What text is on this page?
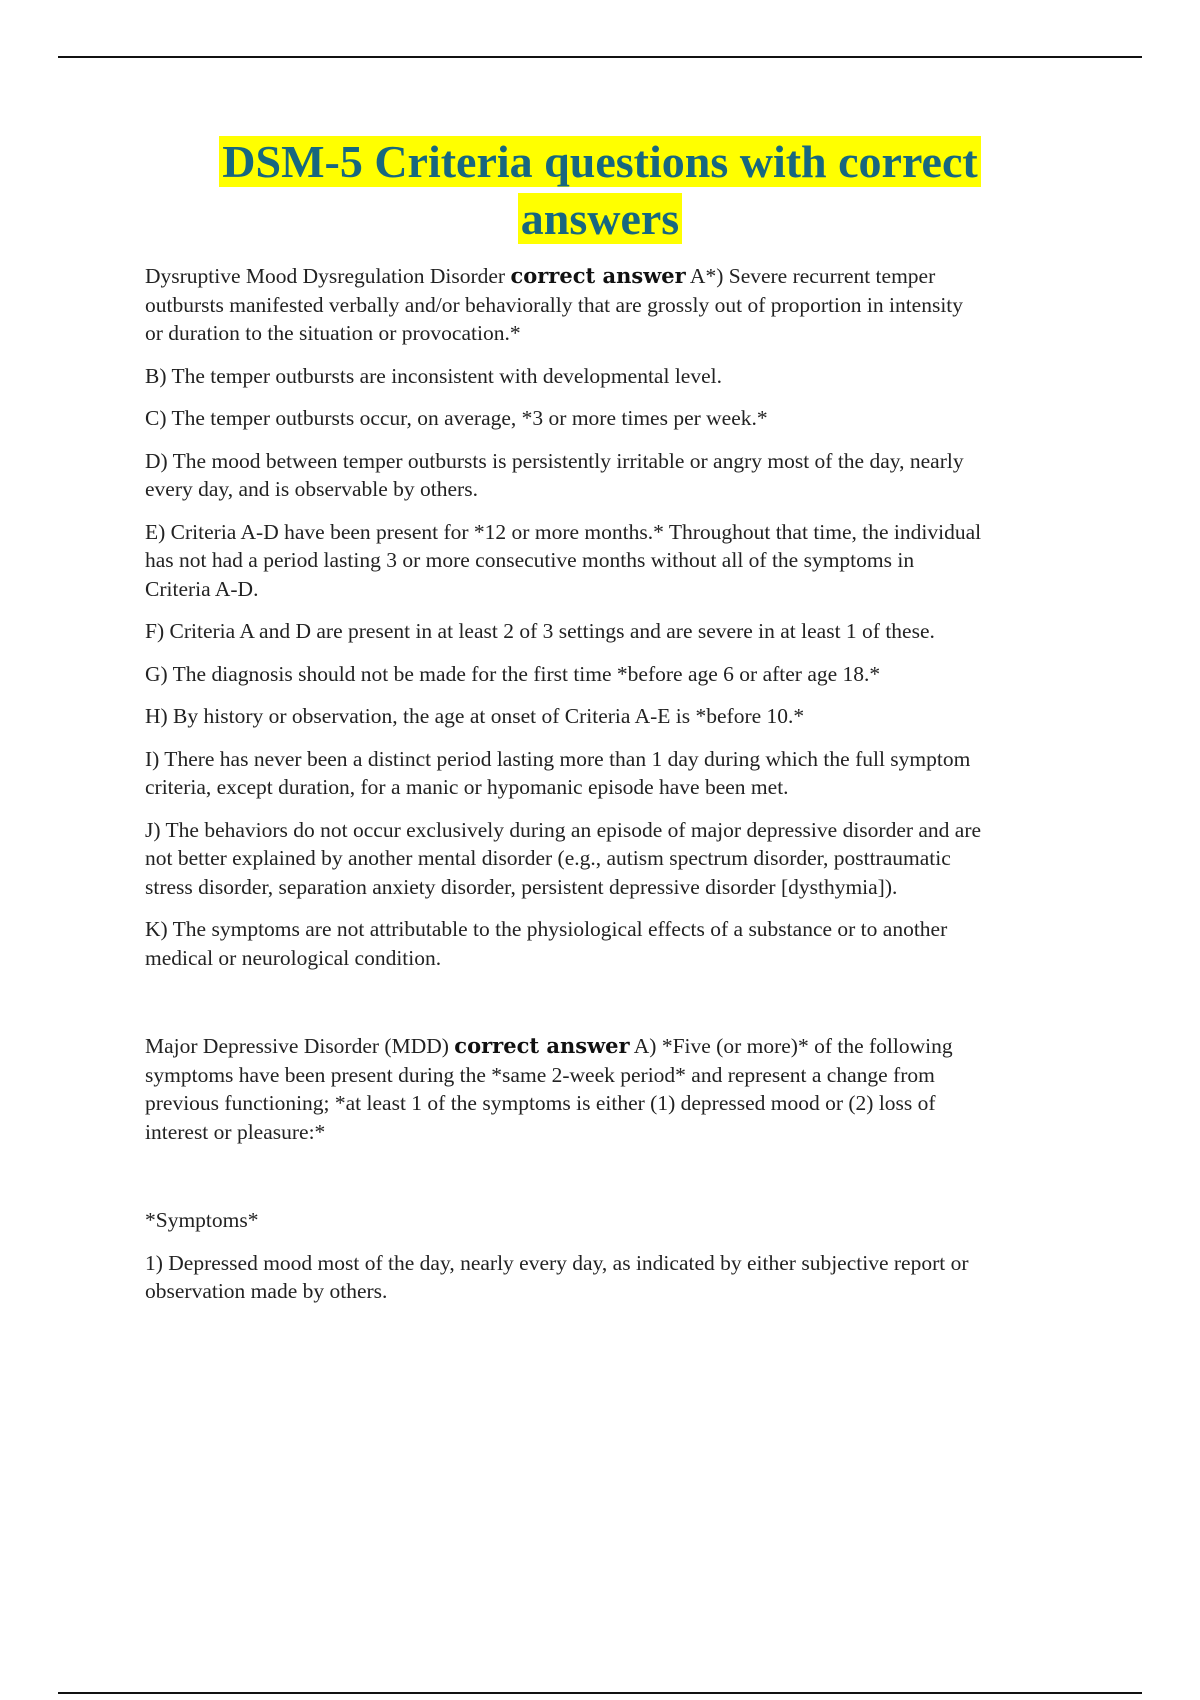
DSM-5 Criteria questions with correct
answers
Dysruptive Mood Dysregulation Disorder correct answer A*) Severe recurrent temper
outbursts manifested verbally and/or behaviorally that are grossly out of proportion in intensity
or duration to the situation or provocation.*
B) The temper outbursts are inconsistent with developmental level.
C) The temper outbursts occur, on average, *3 or more times per week.*
D) The mood between temper outbursts is persistently irritable or angry most of the day, nearly
every day, and is observable by others.
E) Criteria A-D have been present for *12 or more months.* Throughout that time, the individual
has not had a period lasting 3 or more consecutive months without all of the symptoms in
Criteria A-D.
F) Criteria A and D are present in at least 2 of 3 settings and are severe in at least 1 of these.
G) The diagnosis should not be made for the first time *before age 6 or after age 18.*
H) By history or observation, the age at onset of Criteria A-E is *before 10.*
I) There has never been a distinct period lasting more than 1 day during which the full symptom
criteria, except duration, for a manic or hypomanic episode have been met.
J) The behaviors do not occur exclusively during an episode of major depressive disorder and are
not better explained by another mental disorder (e.g., autism spectrum disorder, posttraumatic
stress disorder, separation anxiety disorder, persistent depressive disorder [dysthymia]).
K) The symptoms are not attributable to the physiological effects of a substance or to another
medical or neurological condition.
Major Depressive Disorder (MDD) correct answer A) *Five (or more)* of the following
symptoms have been present during the *same 2-week period* and represent a change from
previous functioning; *at least 1 of the symptoms is either (1) depressed mood or (2) loss of
interest or pleasure:*
*Symptoms*
1) Depressed mood most of the day, nearly every day, as indicated by either subjective report or
observation made by others.
